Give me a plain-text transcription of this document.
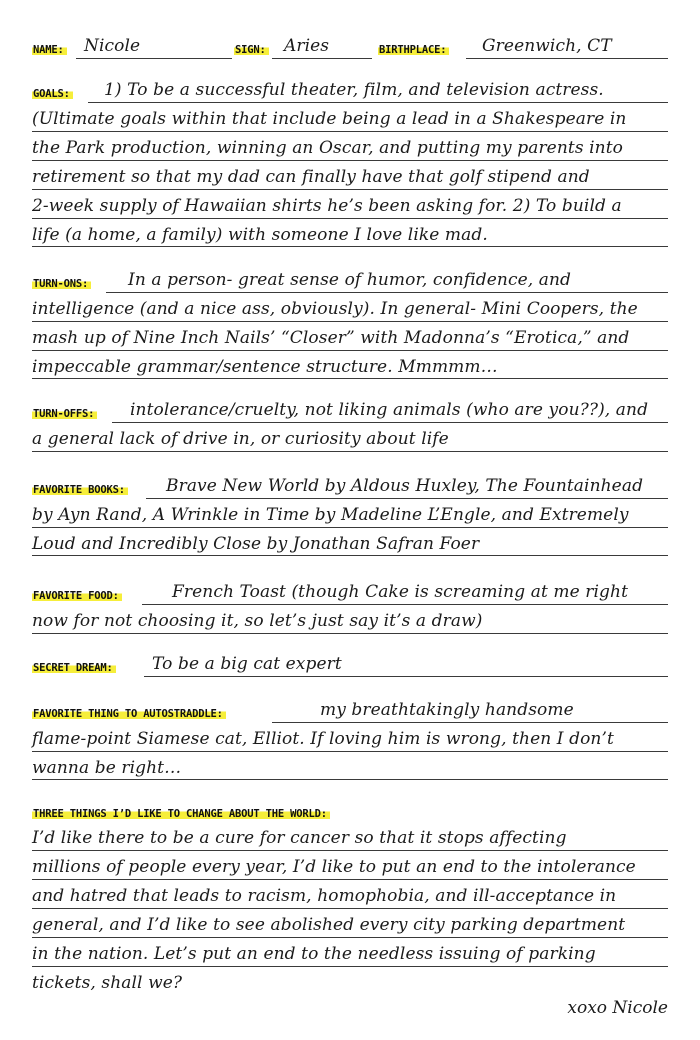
NAME: Nicole	SIGN: Aries	BIRTHPLACE: Greenwich, CT
GOALS: 1) To be a successful theater, film, and television actress.
(Ultimate goals within that include being a lead in a Shakespeare in
the Park production, winning an Oscar, and putting my parents into
retirement so that my dad can finally have that golf stipend and
2-week supply of Hawaiian shirts he’s been asking for. 2) To build a
life (a home, a family) with someone I love like mad.
TURN-ONS: In a person- great sense of humor, confidence, and
intelligence (and a nice ass, obviously). In general- Mini Coopers, the
mash up of Nine Inch Nails’ “Closer” with Madonna’s “Erotica,” and
impeccable grammar/sentence structure. Mmmmm…
TURN-OFFS: intolerance/cruelty, not liking animals (who are you??), and
a general lack of drive in, or curiosity about life
FAVORITE BOOKS: Brave New World by Aldous Huxley, The Fountainhead
by Ayn Rand, A Wrinkle in Time by Madeline L’Engle, and Extremely
Loud and Incredibly Close by Jonathan Safran Foer
FAVORITE FOOD:	French Toast (though Cake is screaming at me right
now for not choosing it, so let’s just say it’s a draw)
SECRET DREAM: To be a big cat expert
FAVORITE THING TO AUTOSTRADDLE:	my breathtakingly handsome
flame-point Siamese cat, Elliot. If loving him is wrong, then I don’t
wanna be right…
THREE THINGS I’D LIKE TO CHANGE ABOUT THE WORLD:
I’d like there to be a cure for cancer so that it stops affecting
millions of people every year, I’d like to put an end to the intolerance
and hatred that leads to racism, homophobia, and ill-acceptance in
general, and I’d like to see abolished every city parking department
in the nation. Let’s put an end to the needless issuing of parking
tickets, shall we?
xoxo Nicole
